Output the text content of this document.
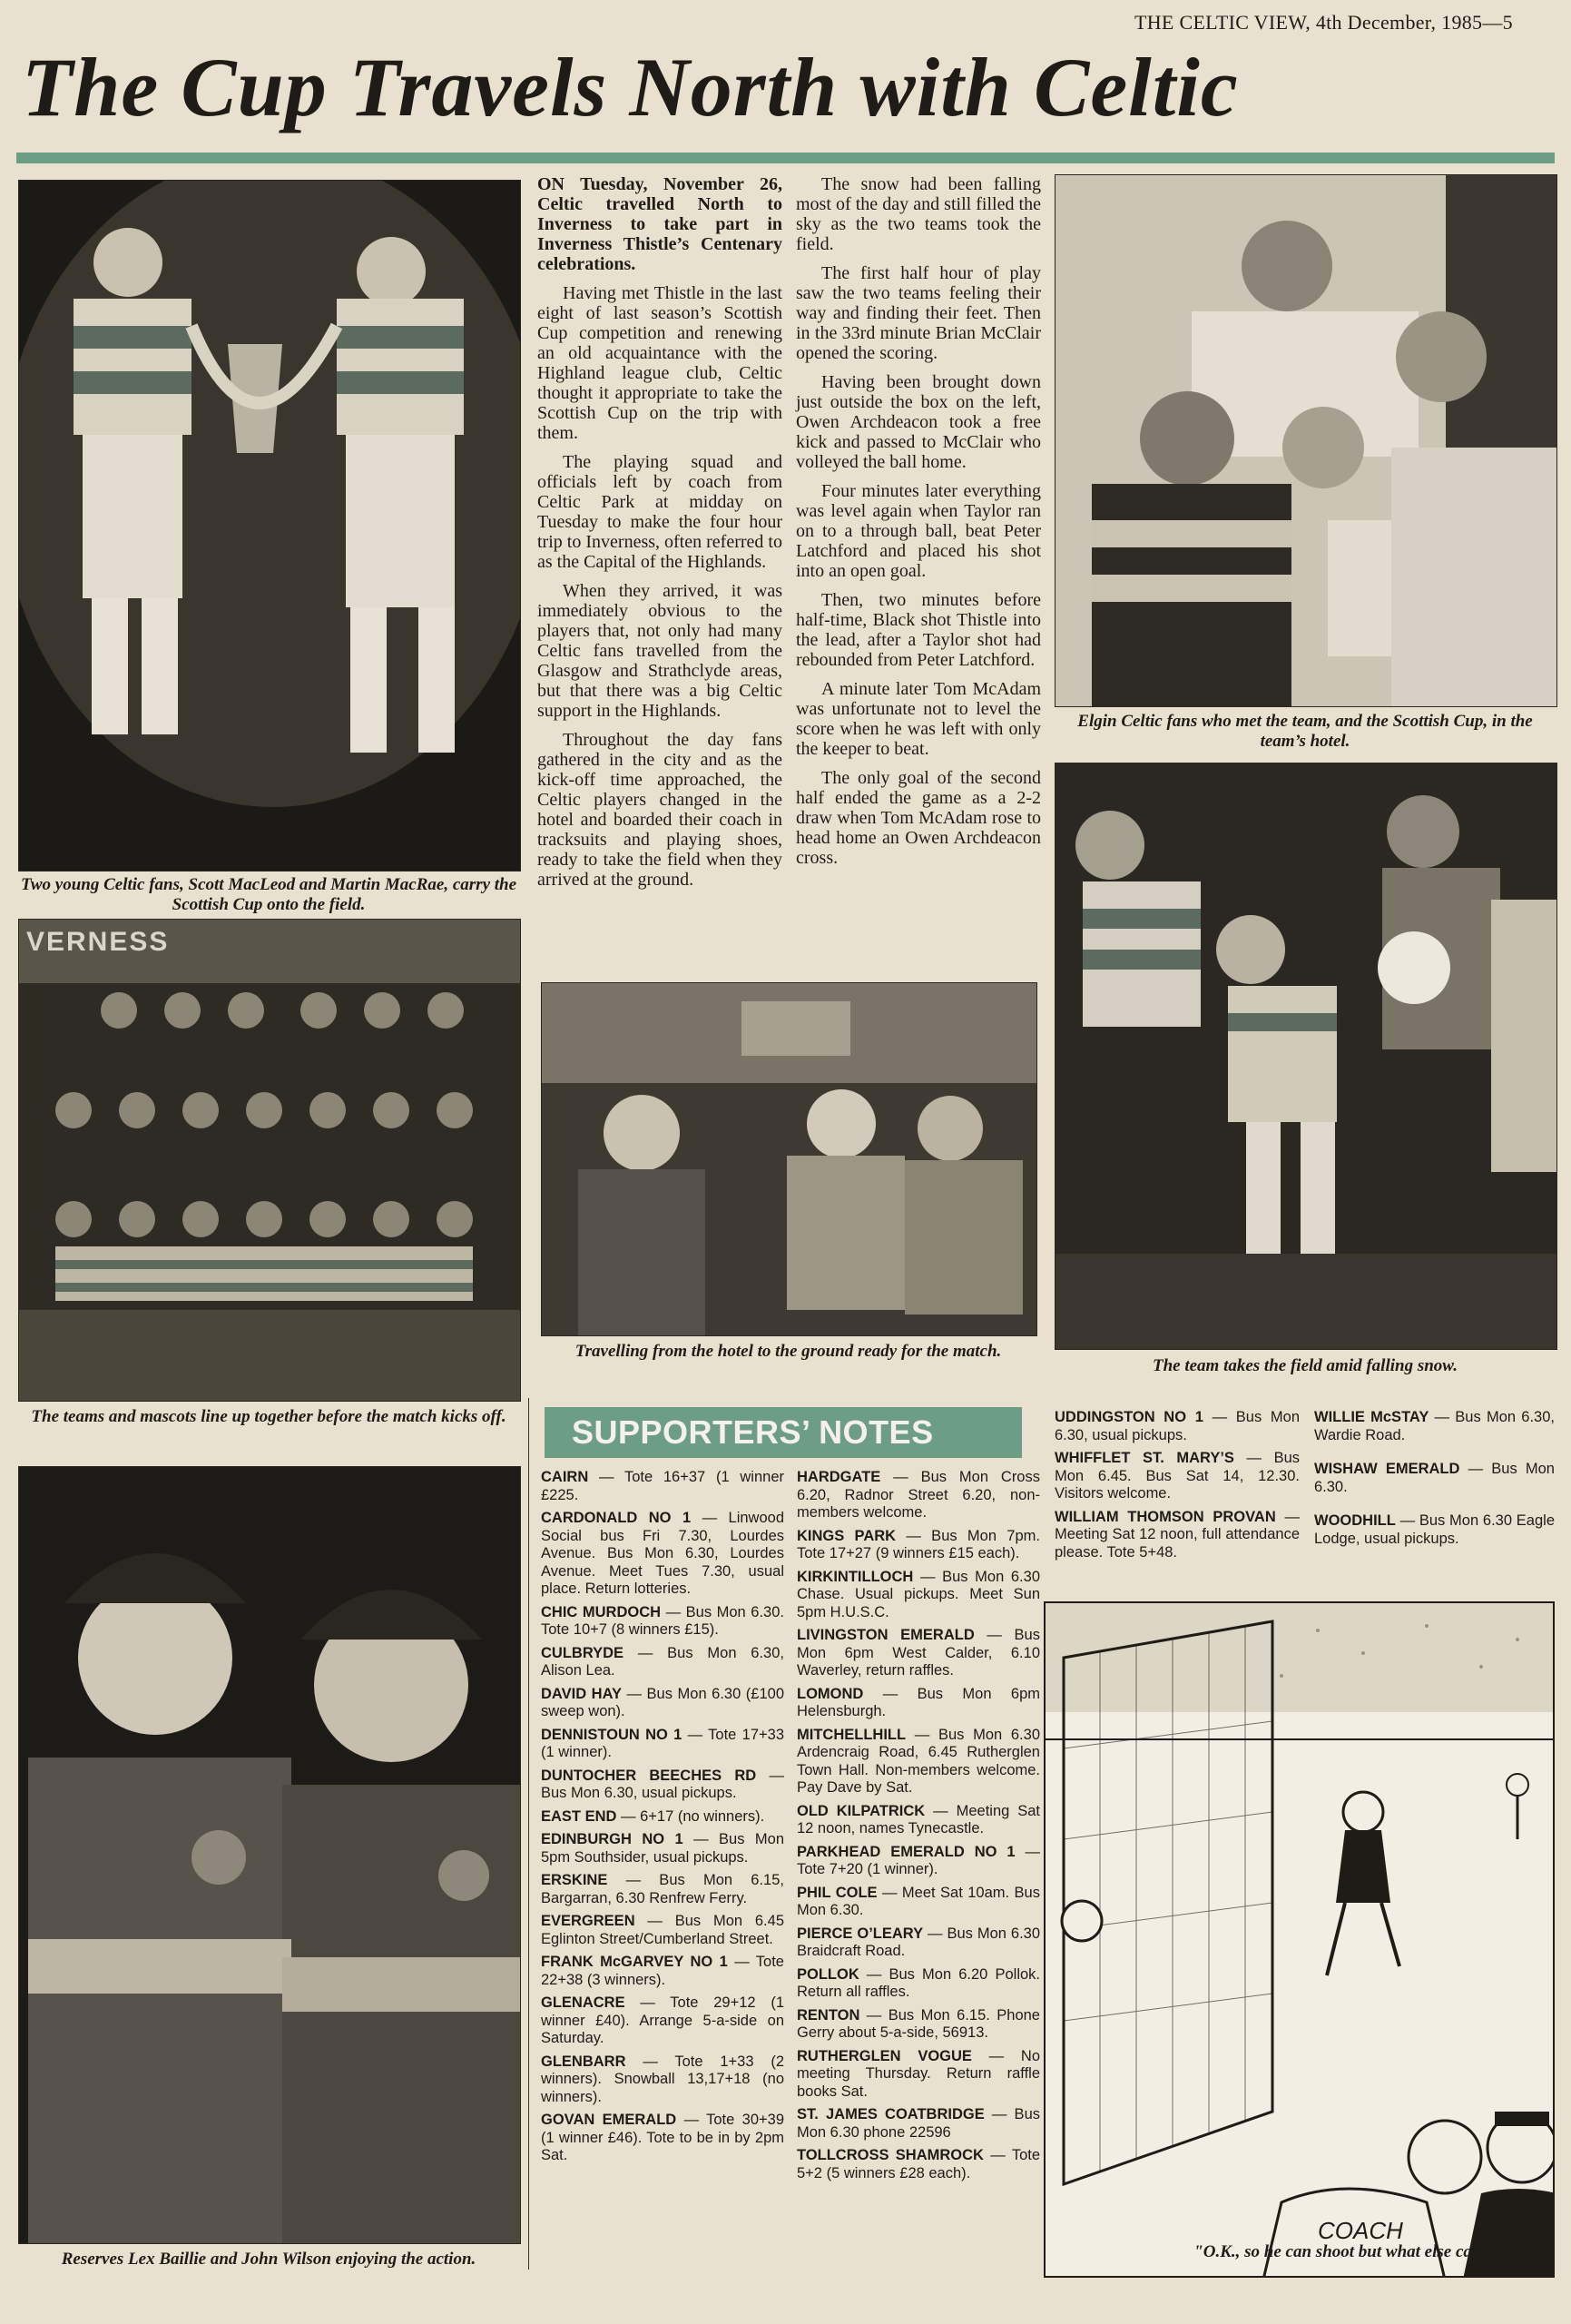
THE CELTIC VIEW, 4th December, 1985—5
The Cup Travels North with Celtic
Two young Celtic fans, Scott MacLeod and Martin MacRae, carry the Scottish Cup onto the field.
VERNESS
The teams and mascots line up together before the match kicks off.
Reserves Lex Baillie and John Wilson enjoying the action.

ON Tuesday, November 26, Celtic travelled North to Inverness to take part in Inverness Thistle’s Centenary celebrations.

Having met Thistle in the last eight of last season’s Scottish Cup competition and renewing an old acquaintance with the Highland league club, Celtic thought it appropriate to take the Scottish Cup on the trip with them.

The playing squad and officials left by coach from Celtic Park at midday on Tuesday to make the four hour trip to Inverness, often referred to as the Capital of the Highlands.

When they arrived, it was immediately obvious to the players that, not only had many Celtic fans travelled from the Glasgow and Strathclyde areas, but that there was a big Celtic support in the Highlands.

Throughout the day fans gathered in the city and as the kick-off time approached, the Celtic players changed in the hotel and boarded their coach in tracksuits and playing shoes, ready to take the field when they arrived at the ground.

The snow had been falling most of the day and still filled the sky as the two teams took the field.

The first half hour of play saw the two teams feeling their way and finding their feet. Then in the 33rd minute Brian McClair opened the scoring.

Having been brought down just outside the box on the left, Owen Archdeacon took a free kick and passed to McClair who volleyed the ball home.

Four minutes later everything was level again when Taylor ran on to a through ball, beat Peter Latchford and placed his shot into an open goal.

Then, two minutes before half-time, Black shot Thistle into the lead, after a Taylor shot had rebounded from Peter Latchford.

A minute later Tom McAdam was unfortunate not to level the score when he was left with only the keeper to beat.

The only goal of the second half ended the game as a 2-2 draw when Tom McAdam rose to head home an Owen Archdeacon cross.

Travelling from the hotel to the ground ready for the match.
Elgin Celtic fans who met the team, and the Scottish Cup, in the team’s hotel.
The team takes the field amid falling snow.
SUPPORTERS’ NOTES
CAIRN — Tote 16+37 (1 winner £225.
CARDONALD NO 1 — Linwood Social bus Fri 7.30, Lourdes Avenue. Bus Mon 6.30, Lourdes Avenue. Meet Tues 7.30, usual place. Return lotteries.
CHIC MURDOCH — Bus Mon 6.30. Tote 10+7 (8 winners £15).
CULBRYDE — Bus Mon 6.30, Alison Lea.
DAVID HAY — Bus Mon 6.30 (£100 sweep won).
DENNISTOUN NO 1 — Tote 17+33 (1 winner).
DUNTOCHER BEECHES RD — Bus Mon 6.30, usual pickups.
EAST END — 6+17 (no winners).
EDINBURGH NO 1 — Bus Mon 5pm Southsider, usual pickups.
ERSKINE — Bus Mon 6.15, Bargarran, 6.30 Renfrew Ferry.
EVERGREEN — Bus Mon 6.45 Eglinton Street/Cumberland Street.
FRANK McGARVEY NO 1 — Tote 22+38 (3 winners).
GLENACRE — Tote 29+12 (1 winner £40). Arrange 5-a-side on Saturday.
GLENBARR — Tote 1+33 (2 winners). Snowball 13,17+18 (no winners).
GOVAN EMERALD — Tote 30+39 (1 winner £46). Tote to be in by 2pm Sat.
HARDGATE — Bus Mon Cross 6.20, Radnor Street 6.20, non-members welcome.
KINGS PARK — Bus Mon 7pm. Tote 17+27 (9 winners £15 each).
KIRKINTILLOCH — Bus Mon 6.30 Chase. Usual pickups. Meet Sun 5pm H.U.S.C.
LIVINGSTON EMERALD — Bus Mon 6pm West Calder, 6.10 Waverley, return raffles.
LOMOND — Bus Mon 6pm Helensburgh.
MITCHELLHILL — Bus Mon 6.30 Ardencraig Road, 6.45 Rutherglen Town Hall. Non-members welcome. Pay Dave by Sat.
OLD KILPATRICK — Meeting Sat 12 noon, names Tynecastle.
PARKHEAD EMERALD NO 1 — Tote 7+20 (1 winner).
PHIL COLE — Meet Sat 10am. Bus Mon 6.30.
PIERCE O’LEARY — Bus Mon 6.30 Braidcraft Road.
POLLOK — Bus Mon 6.20 Pollok. Return all raffles.
RENTON — Bus Mon 6.15. Phone Gerry about 5-a-side, 56913.
RUTHERGLEN VOGUE — No meeting Thursday. Return raffle books Sat.
ST. JAMES COATBRIDGE — Bus Mon 6.30 phone 22596
TOLLCROSS SHAMROCK — Tote 5+2 (5 winners £28 each).
UDDINGSTON NO 1 — Bus Mon 6.30, usual pickups.
WHIFFLET ST. MARY’S — Bus Mon 6.45. Bus Sat 14, 12.30. Visitors welcome.
WILLIAM THOMSON PROVAN — Meeting Sat 12 noon, full attendance please. Tote 5+48.
WILLIE McSTAY — Bus Mon 6.30, Wardie Road.
WISHAW EMERALD — Bus Mon 6.30.
WOODHILL — Bus Mon 6.30 Eagle Lodge, usual pickups.
COACH
"O.K., so he can shoot but what else can he do?"
